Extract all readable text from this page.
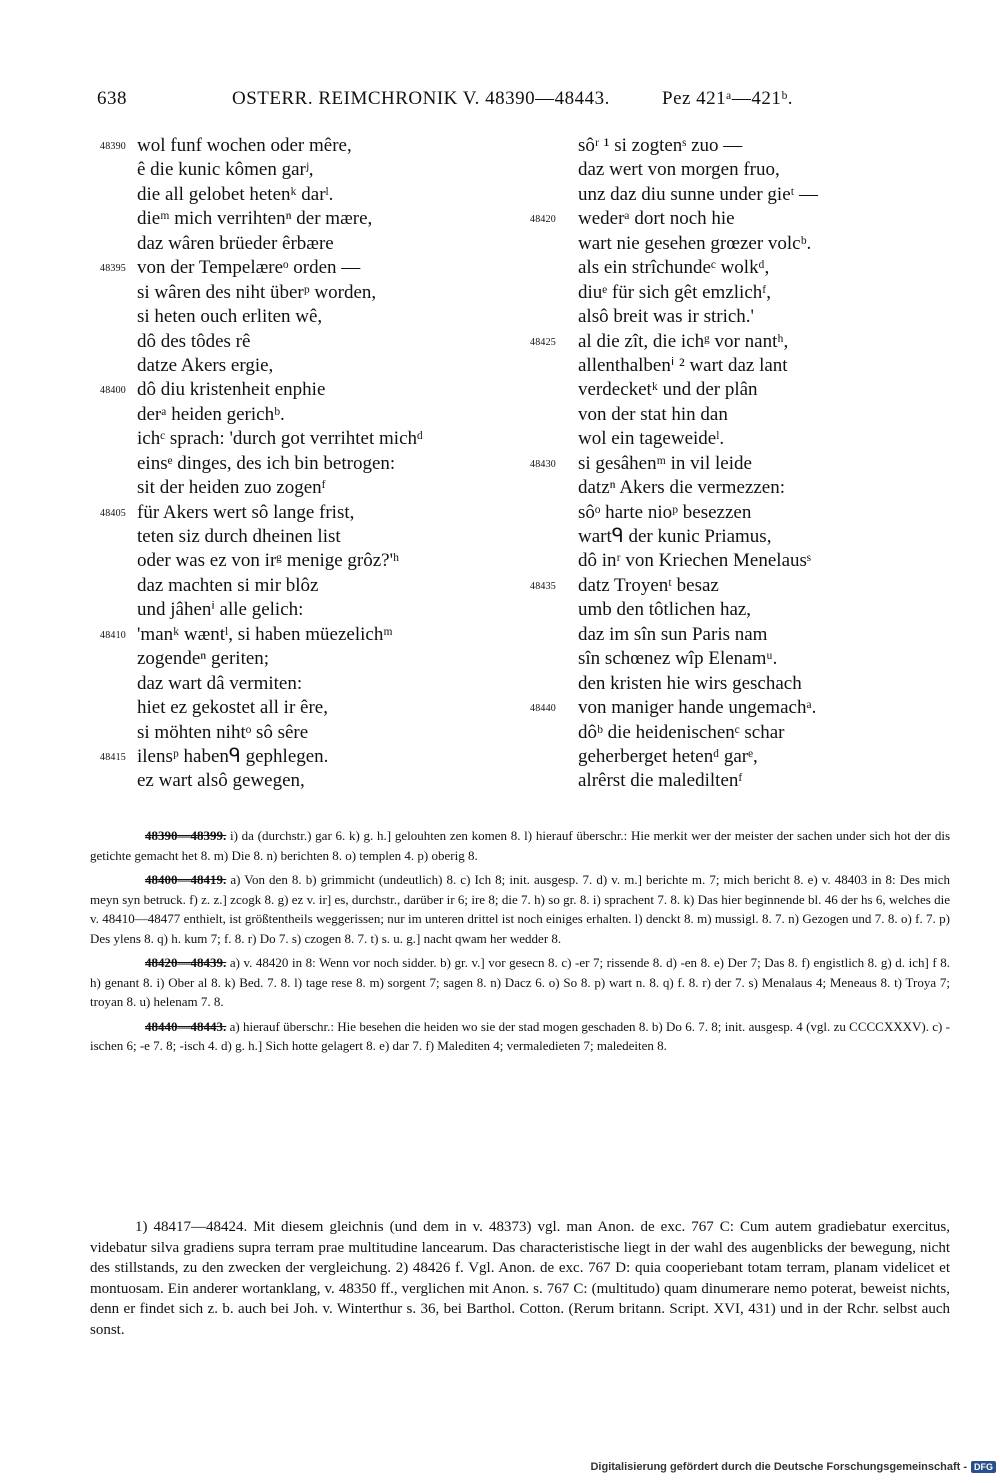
638	OSTERR. REIMCHRONIK V. 48390—48443.	Pez 421ᵃ—421ᵇ.
48390 wol funf wochen oder mêre,
ê die kunic kômen garʲ,
die all gelobet hetenᵏ darˡ.
dieᵐ mich verrihtenⁿ der mære,
daz wâren brüeder êrbære
48395 von der Tempelæreᵒ orden —
si wâren des niht überᵖ worden,
si heten ouch erliten wê,
dô des tôdes rê
datze Akers ergie,
48400 dô diu kristenheit enphie
derᵃ heiden gerichᵇ.
ichᶜ sprach: 'durch got verrihtet michᵈ
einsᵉ dinges, des ich bin betrogen:
sit der heiden zuo zogenᶠ
48405 für Akers wert sô lange frist,
teten siz durch dheinen list
oder was ez von irᵍ menige grôz?'ʰ
daz machten si mir blôz
und jâhenⁱ alle gelich:
48410 'manᵏ wæntˡ, si haben müezelichᵐ
zogendeⁿ geriten;
daz wart dâ vermiten:
hiet ez gekostet all ir êre,
si möhten nihtᵒ sô sêre
48415 ilensᵖ habenᑫ gephlegen.
ez wart alsô gewegen,
sôʳ ¹ si zogtenˢ zuo —
daz wert von morgen fruo,
unz daz diu sunne under gieᵗ —
48420 wederᵃ dort noch hie
wart nie gesehen grœzer volcᵇ.
als ein strîchundeᶜ wolkᵈ,
diuᵉ für sich gêt emzlichᶠ,
alsô breit was ir strich.'
48425 al die zît, die ichᵍ vor nantʰ,
allenthalbenⁱ ² wart daz lant
verdecketᵏ und der plân
von der stat hin dan
wol ein tageweideˡ.
48430 si gesâhenᵐ in vil leide
datzⁿ Akers die vermezzen:
sôᵒ harte nioᵖ besezzen
wartᑫ der kunic Priamus,
dô inʳ von Kriechen Menelausˢ
48435 datz Troyenᵗ besaz
umb den tôtlichen haz,
daz im sîn sun Paris nam
sîn schœnez wîp Elenamᵘ.
den kristen hie wirs geschach
48440 von maniger hande ungemachᵃ.
dôᵇ die heidenischenᶜ schar
geherberget hetenᵈ garᵉ,
alrêrst die malediltenᶠ

48390—48399. i) da (durchstr.) gar 6. k) g. h.] gelouhten zen komen 8. l) hierauf überschr.: Hie merkit wer der meister der sachen under sich hot der dis getichte gemacht het 8. m) Die 8. n) berichten 8. o) templen 4. p) oberig 8.

48400—48419. a) Von den 8. b) grimmicht (undeutlich) 8. c) Ich 8; init. ausgesp. 7. d) v. m.] berichte m. 7; mich bericht 8. e) v. 48403 in 8: Des mich meyn syn betruck. f) z. z.] zcogk 8. g) ez v. ir] es, durchstr., darüber ir 6; ire 8; die 7. h) so gr. 8. i) sprachent 7. 8. k) Das hier beginnende bl. 46 der hs 6, welches die v. 48410—48477 enthielt, ist größtentheils weggerissen; nur im unteren drittel ist noch einiges erhalten. l) denckt 8. m) mussigl. 8. 7. n) Gezogen und 7. 8. o) f. 7. p) Des ylens 8. q) h. kum 7; f. 8. r) Do 7. s) czogen 8. 7. t) s. u. g.] nacht qwam her wedder 8.

48420—48439. a) v. 48420 in 8: Wenn vor noch sidder. b) gr. v.] vor gesecn 8. c) -er 7; rissende 8. d) -en 8. e) Der 7; Das 8. f) engistlich 8. g) d. ich] f 8. h) genant 8. i) Ober al 8. k) Bed. 7. 8. l) tage rese 8. m) sorgent 7; sagen 8. n) Dacz 6. o) So 8. p) wart n. 8. q) f. 8. r) der 7. s) Menalaus 4; Meneaus 8. t) Troya 7; troyan 8. u) helenam 7. 8.

48440—48443. a) hierauf überschr.: Hie besehen die heiden wo sie der stad mogen geschaden 8. b) Do 6. 7. 8; init. ausgesp. 4 (vgl. zu CCCCXXXV). c) -ischen 6; -e 7. 8; -isch 4. d) g. h.] Sich hotte gelagert 8. e) dar 7. f) Malediten 4; vermaledieten 7; maledeiten 8.

1) 48417—48424. Mit diesem gleichnis (und dem in v. 48373) vgl. man Anon. de exc. 767 C: Cum autem gradiebatur exercitus, videbatur silva gradiens supra terram prae multitudine lancearum. Das characteristische liegt in der wahl des augenblicks der bewegung, nicht des stillstands, zu den zwecken der vergleichung. 2) 48426 f. Vgl. Anon. de exc. 767 D: quia cooperiebant totam terram, planam videlicet et montuosam. Ein anderer wortanklang, v. 48350 ff., verglichen mit Anon. s. 767 C: (multitudo) quam dinumerare nemo poterat, beweist nichts, denn er findet sich z. b. auch bei Joh. v. Winterthur s. 36, bei Barthol. Cotton. (Rerum britann. Script. XVI, 431) und in der Rchr. selbst auch sonst.

Digitalisierung gefördert durch die Deutsche Forschungsgemeinschaft - DFG
